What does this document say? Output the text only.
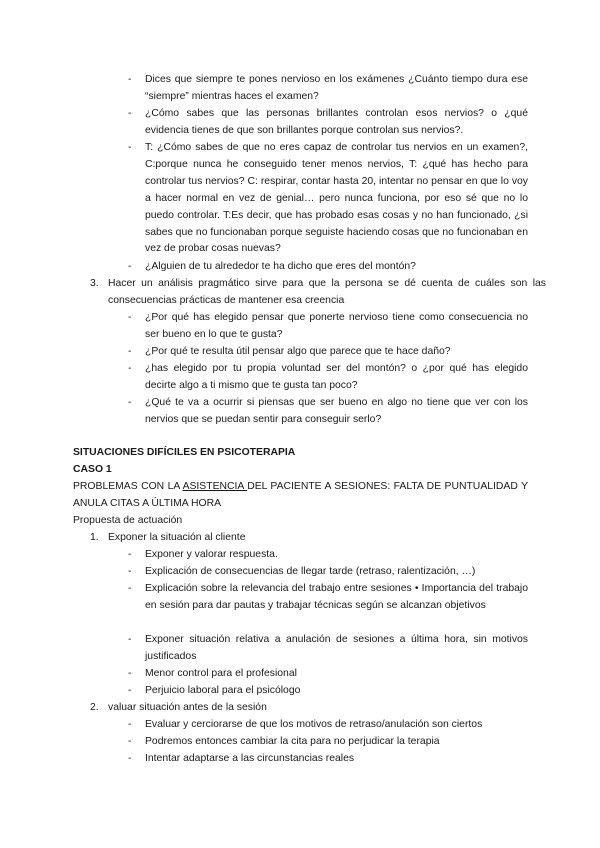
-	Dices que siempre te pones nervioso en los exámenes ¿Cuánto tiempo dura ese “siempre” mientras haces el examen?
-	¿Cómo sabes que las personas brillantes controlan esos nervios? o ¿qué evidencia tienes de que son brillantes porque controlan sus nervios?.
-	T: ¿Cómo sabes de que no eres capaz de controlar tus nervios en un examen?, C:porque nunca he conseguido tener menos nervios, T: ¿qué has hecho para controlar tus nervios? C: respirar, contar hasta 20, intentar no pensar en que lo voy a hacer normal en vez de genial… pero nunca funciona, por eso sé que no lo puedo controlar. T:Es decir, que has probado esas cosas y no han funcionado, ¿si sabes que no funcionaban porque seguiste haciendo cosas que no funcionaban en vez de probar cosas nuevas?
-	¿Alguien de tu alrededor te ha dicho que eres del montón?
3. Hacer un análisis pragmático sirve para que la persona se dé cuenta de cuáles son las consecuencias prácticas de mantener esa creencia
-	¿Por qué has elegido pensar que ponerte nervioso tiene como consecuencia no ser bueno en lo que te gusta?
-	¿Por qué te resulta útil pensar algo que parece que te hace daño?
-	¿has elegido por tu propia voluntad ser del montón? o ¿por qué has elegido decirte algo a ti mismo que te gusta tan poco?
-	¿Qué te va a ocurrir si piensas que ser bueno en algo no tiene que ver con los nervios que se puedan sentir para conseguir serlo?
SITUACIONES DIFÍCILES EN PSICOTERAPIA
CASO 1
PROBLEMAS CON LA ASISTENCIA DEL PACIENTE A SESIONES: FALTA DE PUNTUALIDAD Y ANULA CITAS A ÚLTIMA HORA
Propuesta de actuación
1. Exponer la situación al cliente
-	Exponer y valorar respuesta.
-	Explicación de consecuencias de llegar tarde (retraso, ralentización, …)
-	Explicación sobre la relevancia del trabajo entre sesiones • Importancia del trabajo en sesión para dar pautas y trabajar técnicas según se alcanzan objetivos
-	Exponer situación relativa a anulación de sesiones a última hora, sin motivos justificados
-	Menor control para el profesional
-	Perjuicio laboral para el psicólogo
2. valuar situación antes de la sesión
-	Evaluar y cerciorarse de que los motivos de retraso/anulación son ciertos
-	Podremos entonces cambiar la cita para no perjudicar la terapia
-	Intentar adaptarse a las circunstancias reales
